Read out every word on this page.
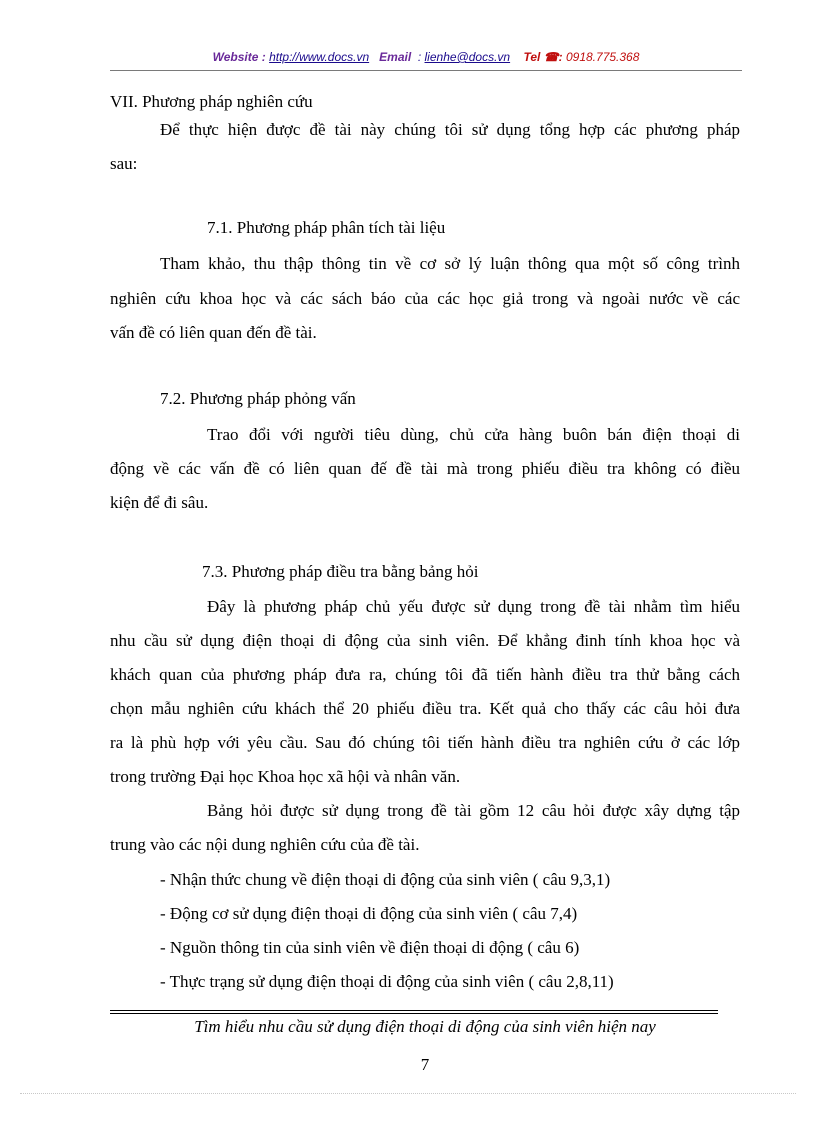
Website : http://www.docs.vn Email : lienhe@docs.vn Tel ☎: 0918.775.368
VII. Phương pháp nghiên cứu
Để thực hiện được đề tài này chúng tôi sử dụng tổng hợp các phương pháp
sau:
7.1. Phương pháp phân tích tài liệu
Tham khảo, thu thập thông tin về cơ sở lý luận thông qua một số công trình
nghiên cứu khoa học và các sách báo của các học giả trong và ngoài nước về các
vấn đề có liên quan đến đề tài.
7.2. Phương pháp phỏng vấn
Trao đổi với người tiêu dùng, chủ cửa hàng buôn bán điện thoại di
động về các vấn đề có liên quan đế đề tài mà trong phiếu điều tra không có điều
kiện để đi sâu.
7.3. Phương pháp điều tra bằng bảng hỏi
Đây là phương pháp chủ yếu được sử dụng trong đề tài nhằm tìm hiểu
nhu cầu sử dụng điện thoại di động của sinh viên. Để khẳng đinh tính khoa học và
khách quan của phương pháp đưa ra, chúng tôi đã tiến hành điều tra thử bằng cách
chọn mẫu nghiên cứu khách thể 20 phiếu điều tra. Kết quả cho thấy các câu hỏi đưa
ra là phù hợp với yêu cầu. Sau đó chúng tôi tiến hành điều tra nghiên cứu ở các lớp
trong trường Đại học Khoa học xã hội và nhân văn.
Bảng hỏi được sử dụng trong đề tài gồm 12 câu hỏi được xây dựng tập
trung vào các nội dung nghiên cứu của đề tài.
- Nhận thức chung về điện thoại di động của sinh viên ( câu 9,3,1)
- Động cơ sử dụng điện thoại di động của sinh viên ( câu 7,4)
- Nguồn thông tin của sinh viên về điện thoại di động ( câu 6)
- Thực trạng sử dụng điện thoại di động của sinh viên ( câu 2,8,11)
Tìm hiểu nhu cầu sử dụng điện thoại di động của sinh viên hiện nay
7
